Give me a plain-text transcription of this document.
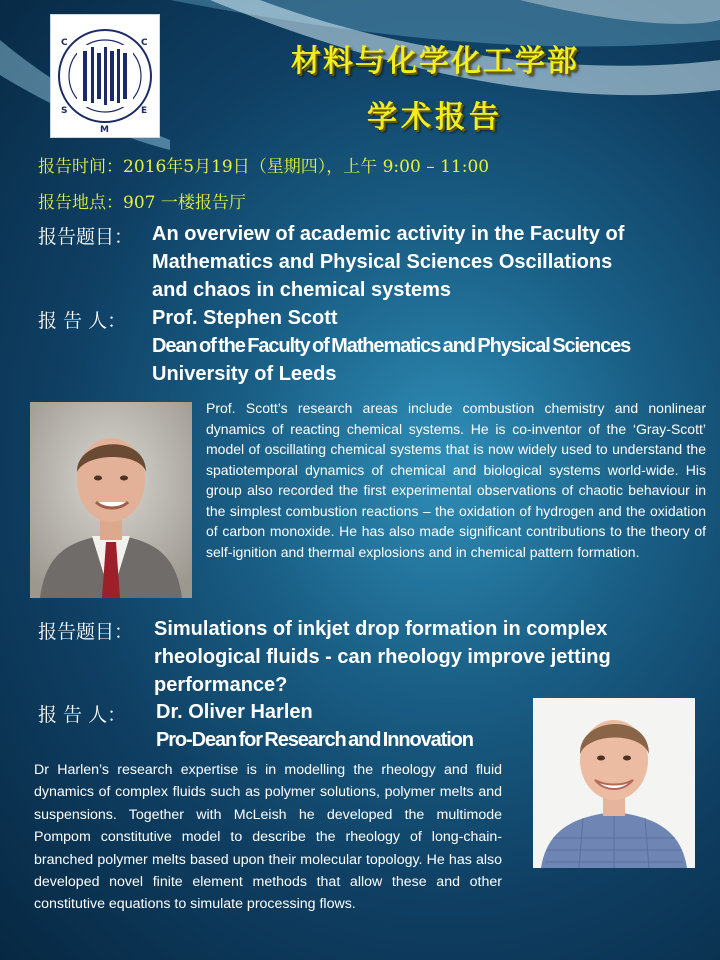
C	C
S	E
M
材料与化学化工学部
学术报告
报告时间：2016年5月19日（星期四），上午 9:00 – 11:00
报告地点：907 一楼报告厅
报告题目： An overview of academic activity in the Faculty of
Mathematics and Physical Sciences Oscillations
and chaos in chemical systems
报 告 人： Prof. Stephen Scott
Dean of the Faculty of Mathematics and Physical Sciences
University of Leeds
Prof. Scott’s research areas include combustion chemistry and nonlinear dynamics of reacting chemical systems. He is co-inventor of the ‘Gray-Scott’ model of oscillating chemical systems that is now widely used to understand the spatiotemporal dynamics of chemical and biological systems world-wide. His group also recorded the first experimental observations of chaotic behaviour in the simplest combustion reactions – the oxidation of hydrogen and the oxidation of carbon monoxide. He has also made significant contributions to the theory of self-ignition and thermal explosions and in chemical pattern formation.
报告题目： Simulations of inkjet drop formation in complex
rheological fluids - can rheology improve jetting
performance?
报 告 人： Dr. Oliver Harlen
Pro-Dean for Research and Innovation
Dr Harlen’s research expertise is in modelling the rheology and fluid dynamics of complex fluids such as polymer solutions, polymer melts and suspensions. Together with McLeish he developed the multimode Pompom constitutive model to describe the rheology of long-chain-branched polymer melts based upon their molecular topology. He has also developed novel finite element methods that allow these and other constitutive equations to simulate processing flows.
